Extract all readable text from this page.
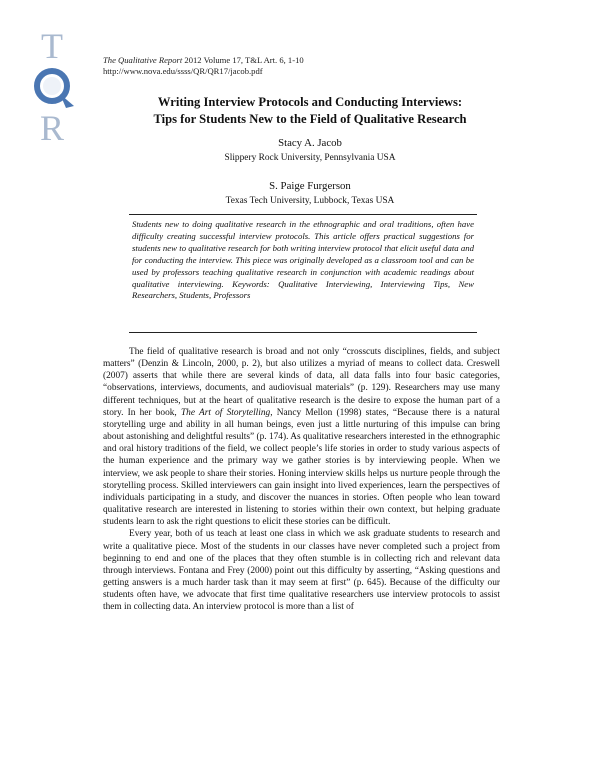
T
R
The Qualitative Report 2012 Volume 17, T&L Art. 6, 1-10
http://www.nova.edu/ssss/QR/QR17/jacob.pdf
Writing Interview Protocols and Conducting Interviews:
Tips for Students New to the Field of Qualitative Research
Stacy A. Jacob
Slippery Rock University, Pennsylvania USA
S. Paige Furgerson
Texas Tech University, Lubbock, Texas USA
Students new to doing qualitative research in the ethnographic and oral traditions, often have difficulty creating successful interview protocols. This article offers practical suggestions for students new to qualitative research for both writing interview protocol that elicit useful data and for conducting the interview. This piece was originally developed as a classroom tool and can be used by professors teaching qualitative research in conjunction with academic readings about qualitative interviewing. Keywords: Qualitative Interviewing, Interviewing Tips, New Researchers, Students, Professors

The field of qualitative research is broad and not only “crosscuts disciplines, fields, and subject matters” (Denzin & Lincoln, 2000, p. 2), but also utilizes a myriad of means to collect data. Creswell (2007) asserts that while there are several kinds of data, all data falls into four basic categories, “observations, interviews, documents, and audiovisual materials” (p. 129). Researchers may use many different techniques, but at the heart of qualitative research is the desire to expose the human part of a story. In her book, The Art of Storytelling, Nancy Mellon (1998) states, “Because there is a natural storytelling urge and ability in all human beings, even just a little nurturing of this impulse can bring about astonishing and delightful results” (p. 174). As qualitative researchers interested in the ethnographic and oral history traditions of the field, we collect people’s life stories in order to study various aspects of the human experience and the primary way we gather stories is by interviewing people. When we interview, we ask people to share their stories. Honing interview skills helps us nurture people through the storytelling process. Skilled interviewers can gain insight into lived experiences, learn the perspectives of individuals participating in a study, and discover the nuances in stories. Often people who lean toward qualitative research are interested in listening to stories within their own context, but helping graduate students learn to ask the right questions to elicit these stories can be difficult.

Every year, both of us teach at least one class in which we ask graduate students to research and write a qualitative piece. Most of the students in our classes have never completed such a project from beginning to end and one of the places that they often stumble is in collecting rich and relevant data through interviews. Fontana and Frey (2000) point out this difficulty by asserting, “Asking questions and getting answers is a much harder task than it may seem at first” (p. 645). Because of the difficulty our students often have, we advocate that first time qualitative researchers use interview protocols to assist them in collecting data. An interview protocol is more than a list of
